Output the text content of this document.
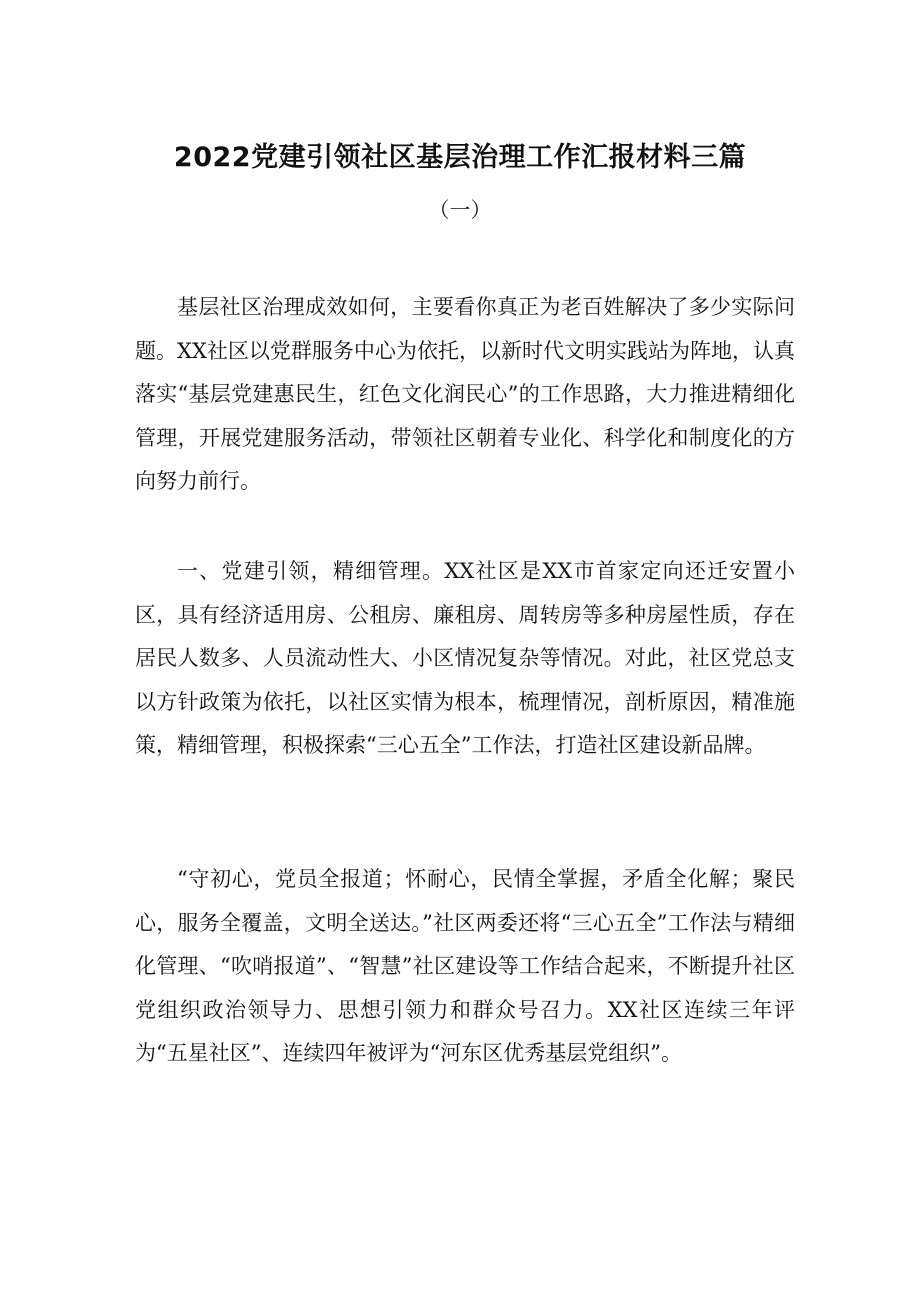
2022党建引领社区基层治理工作汇报材料三篇
（一）

基层社区治理成效如何，主要看你真正为老百姓解决了多少实际问题。XX社区以党群服务中心为依托，以新时代文明实践站为阵地，认真落实“基层党建惠民生，红色文化润民心”的工作思路，大力推进精细化管理，开展党建服务活动，带领社区朝着专业化、科学化和制度化的方向努力前行。

一、党建引领，精细管理。XX社区是XX市首家定向还迁安置小区，具有经济适用房、公租房、廉租房、周转房等多种房屋性质，存在居民人数多、人员流动性大、小区情况复杂等情况。对此，社区党总支以方针政策为依托，以社区实情为根本，梳理情况，剖析原因，精准施策，精细管理，积极探索“三心五全”工作法，打造社区建设新品牌。

“守初心，党员全报道；怀耐心，民情全掌握，矛盾全化解；聚民心，服务全覆盖，文明全送达。”社区两委还将“三心五全”工作法与精细化管理、“吹哨报道”、“智慧”社区建设等工作结合起来，不断提升社区党组织政治领导力、思想引领力和群众号召力。XX社区连续三年评为“五星社区”、连续四年被评为“河东区优秀基层党组织”。
